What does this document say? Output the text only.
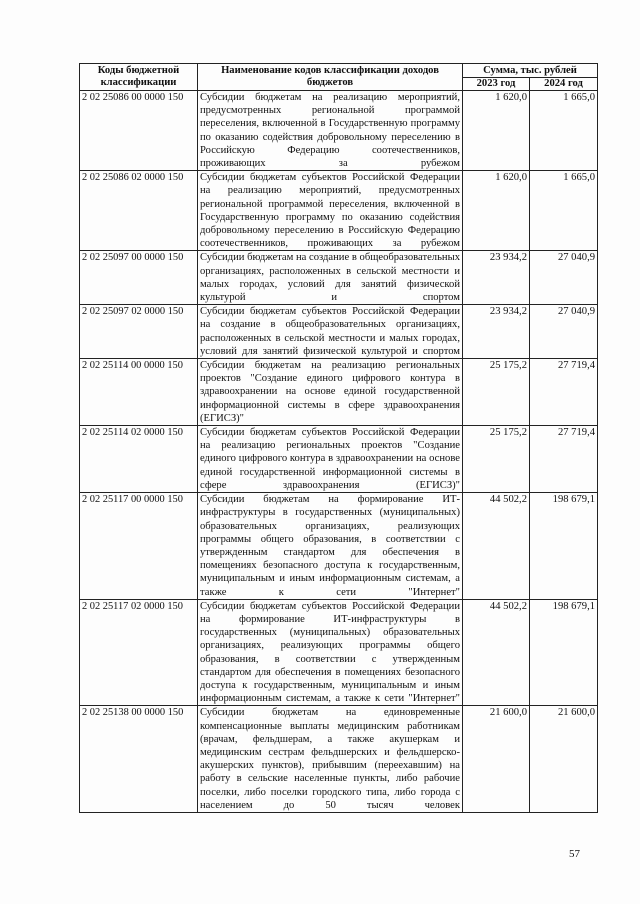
Коды бюджетной классификации	Наименование кодов классификации доходов бюджетов	Сумма, тыс. рублей	
		2023 год	2024 год
2 02 25086 00 0000 150	Субсидии бюджетам на реализацию мероприятий, предусмотренных региональной программой переселения, включенной в Государственную программу по оказанию содействия добровольному переселению в Российскую Федерацию соотечественников, проживающих за рубежом	1 620,0	1 665,0
2 02 25086 02 0000 150	Субсидии бюджетам субъектов Российской Федерации на реализацию мероприятий, предусмотренных региональной программой переселения, включенной в Государственную программу по оказанию содействия добровольному переселению в Российскую Федерацию соотечественников, проживающих за рубежом	1 620,0	1 665,0
2 02 25097 00 0000 150	Субсидии бюджетам на создание в общеобразовательных организациях, расположенных в сельской местности и малых городах, условий для занятий физической культурой и спортом	23 934,2	27 040,9
2 02 25097 02 0000 150	Субсидии бюджетам субъектов Российской Федерации на создание в общеобразовательных организациях, расположенных в сельской местности и малых городах, условий для занятий физической культурой и спортом	23 934,2	27 040,9
2 02 25114 00 0000 150	Субсидии бюджетам на реализацию региональных проектов "Создание единого цифрового контура в здравоохранении на основе единой государственной информационной системы в сфере здравоохранения (ЕГИСЗ)"	25 175,2	27 719,4
2 02 25114 02 0000 150	Субсидии бюджетам субъектов Российской Федерации на реализацию региональных проектов "Создание единого цифрового контура в здравоохранении на основе единой государственной информационной системы в сфере здравоохранения (ЕГИСЗ)"	25 175,2	27 719,4
2 02 25117 00 0000 150	Субсидии бюджетам на формирование ИТ-инфраструктуры в государственных (муниципальных) образовательных организациях, реализующих программы общего образования, в соответствии с утвержденным стандартом для обеспечения в помещениях безопасного доступа к государственным, муниципальным и иным информационным системам, а также к сети "Интернет"	44 502,2	198 679,1
2 02 25117 02 0000 150	Субсидии бюджетам субъектов Российской Федерации на формирование ИТ-инфраструктуры в государственных (муниципальных) образовательных организациях, реализующих программы общего образования, в соответствии с утвержденным стандартом для обеспечения в помещениях безопасного доступа к государственным, муниципальным и иным информационным системам, а также к сети "Интернет"	44 502,2	198 679,1
2 02 25138 00 0000 150	Субсидии бюджетам на единовременные компенсационные выплаты медицинским работникам (врачам, фельдшерам, а также акушеркам и медицинским сестрам фельдшерских и фельдшерско-акушерских пунктов), прибывшим (переехавшим) на работу в сельские населенные пункты, либо рабочие поселки, либо поселки городского типа, либо города с населением до 50 тысяч человек	21 600,0	21 600,0
57
